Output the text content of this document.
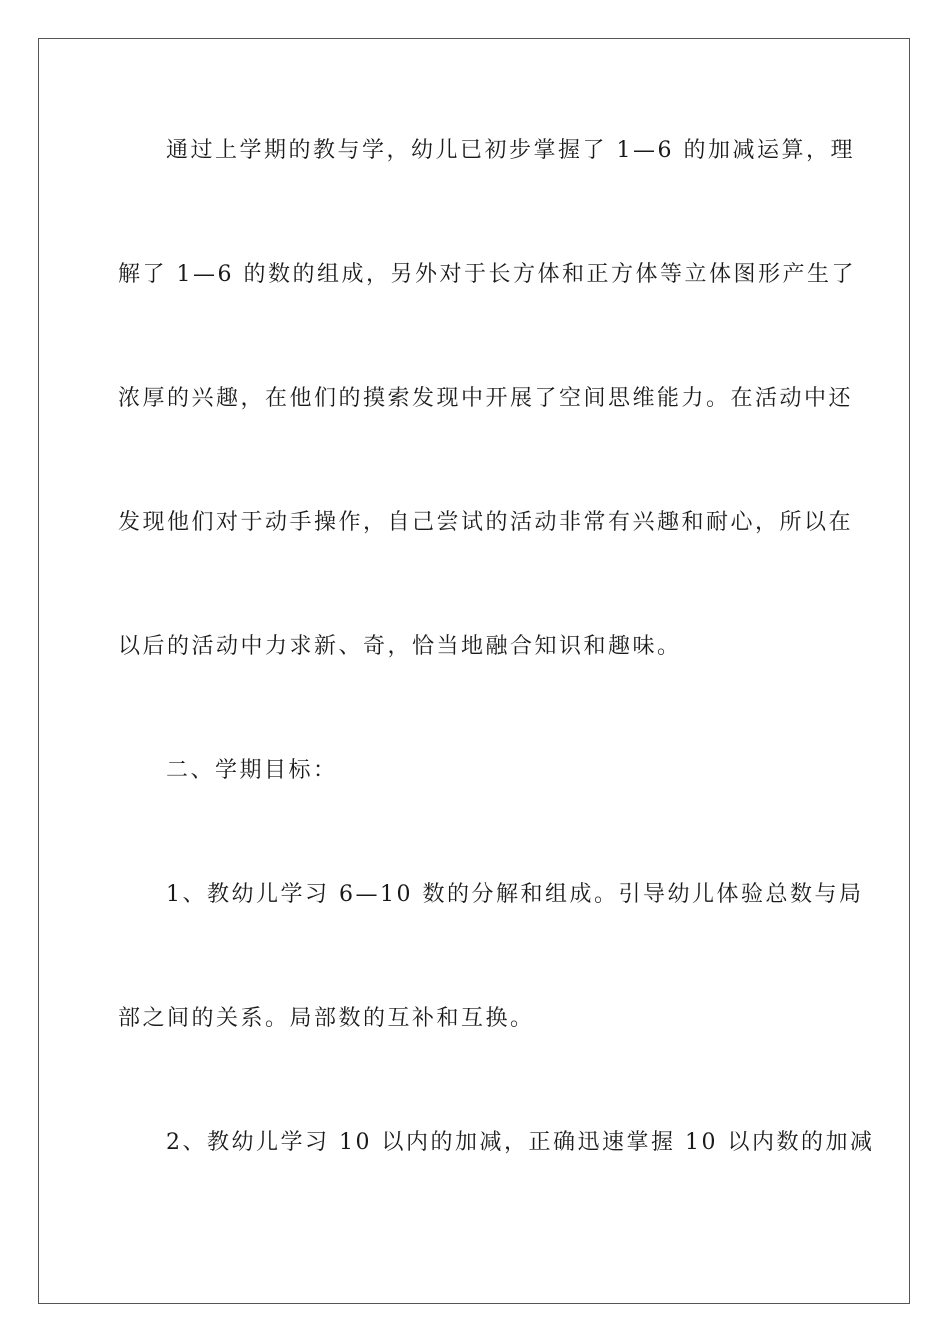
通过上学期的教与学，幼儿已初步掌握了 1—6 的加减运算，理
解了 1—6 的数的组成，另外对于长方体和正方体等立体图形产生了
浓厚的兴趣，在他们的摸索发现中开展了空间思维能力。在活动中还
发现他们对于动手操作，自己尝试的活动非常有兴趣和耐心，所以在
以后的活动中力求新、奇，恰当地融合知识和趣味。
二、学期目标：
1、教幼儿学习 6—10 数的分解和组成。引导幼儿体验总数与局
部之间的关系。局部数的互补和互换。
2、教幼儿学习 10 以内的加减，正确迅速掌握 10 以内数的加减
